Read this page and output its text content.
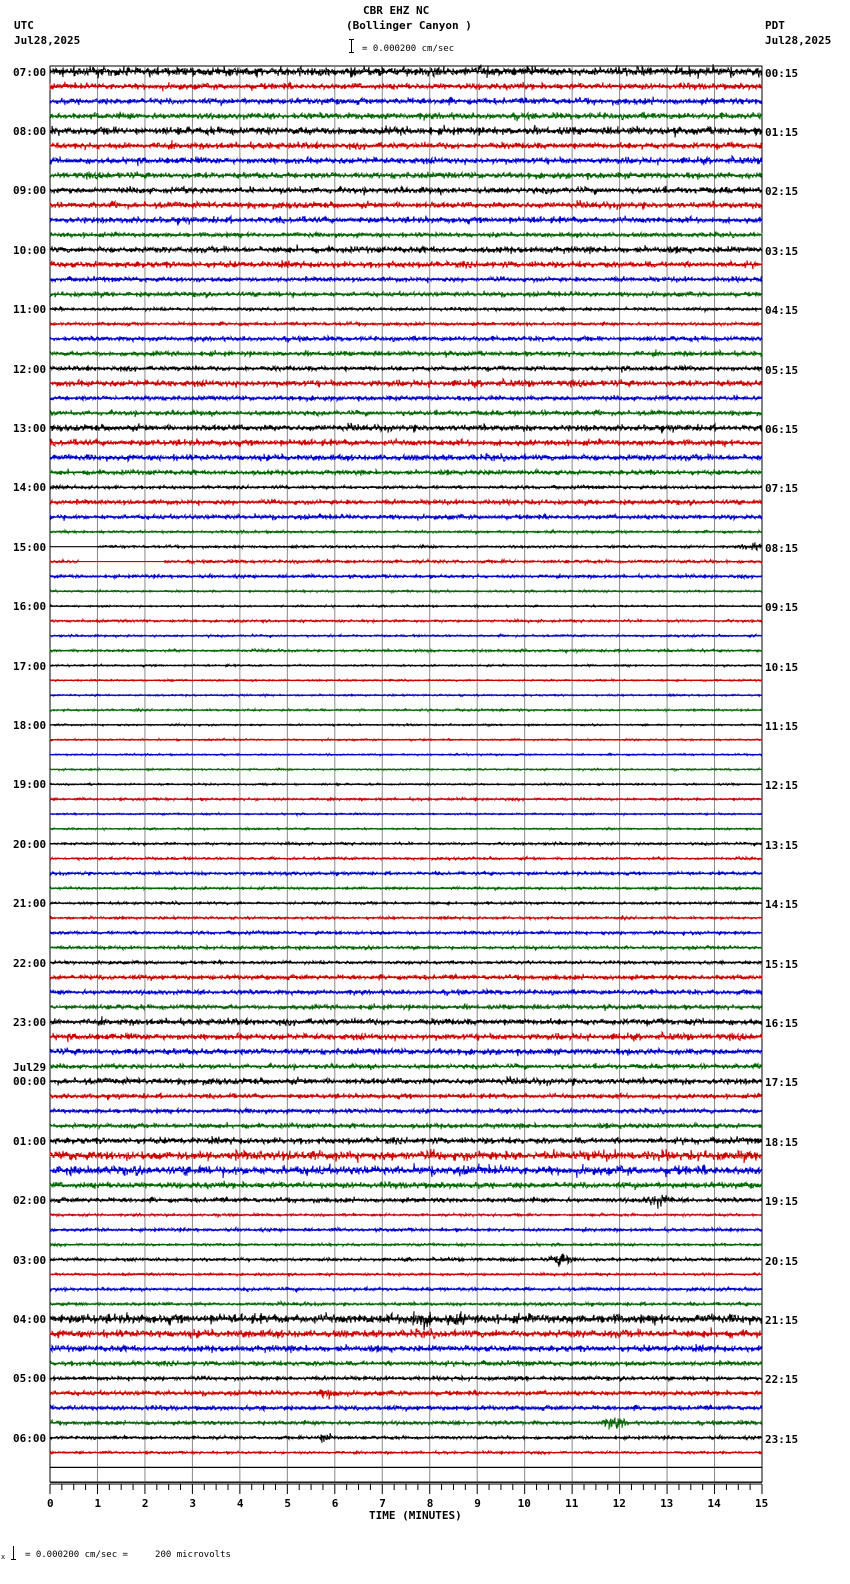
CBR EHZ NC
(Bollinger Canyon )
UTC
Jul28,2025
PDT
Jul28,2025
= 0.000200 cm/sec
07:00
08:00
09:00
10:00
11:00
12:00
13:00
14:00
15:00
16:00
17:00
18:00
19:00
20:00
21:00
22:00
23:00
00:00
Jul29
01:00
02:00
03:00
04:00
05:00
06:00
00:15
01:15
02:15
03:15
04:15
05:15
06:15
07:15
08:15
09:15
10:15
11:15
12:15
13:15
14:15
15:15
16:15
17:15
18:15
19:15
20:15
21:15
22:15
23:15
0	1	2	3	4	5	6	7	8	9	10	11	12	13	14	15
TIME (MINUTES)
x = 0.000200 cm/sec =     200 microvolts
